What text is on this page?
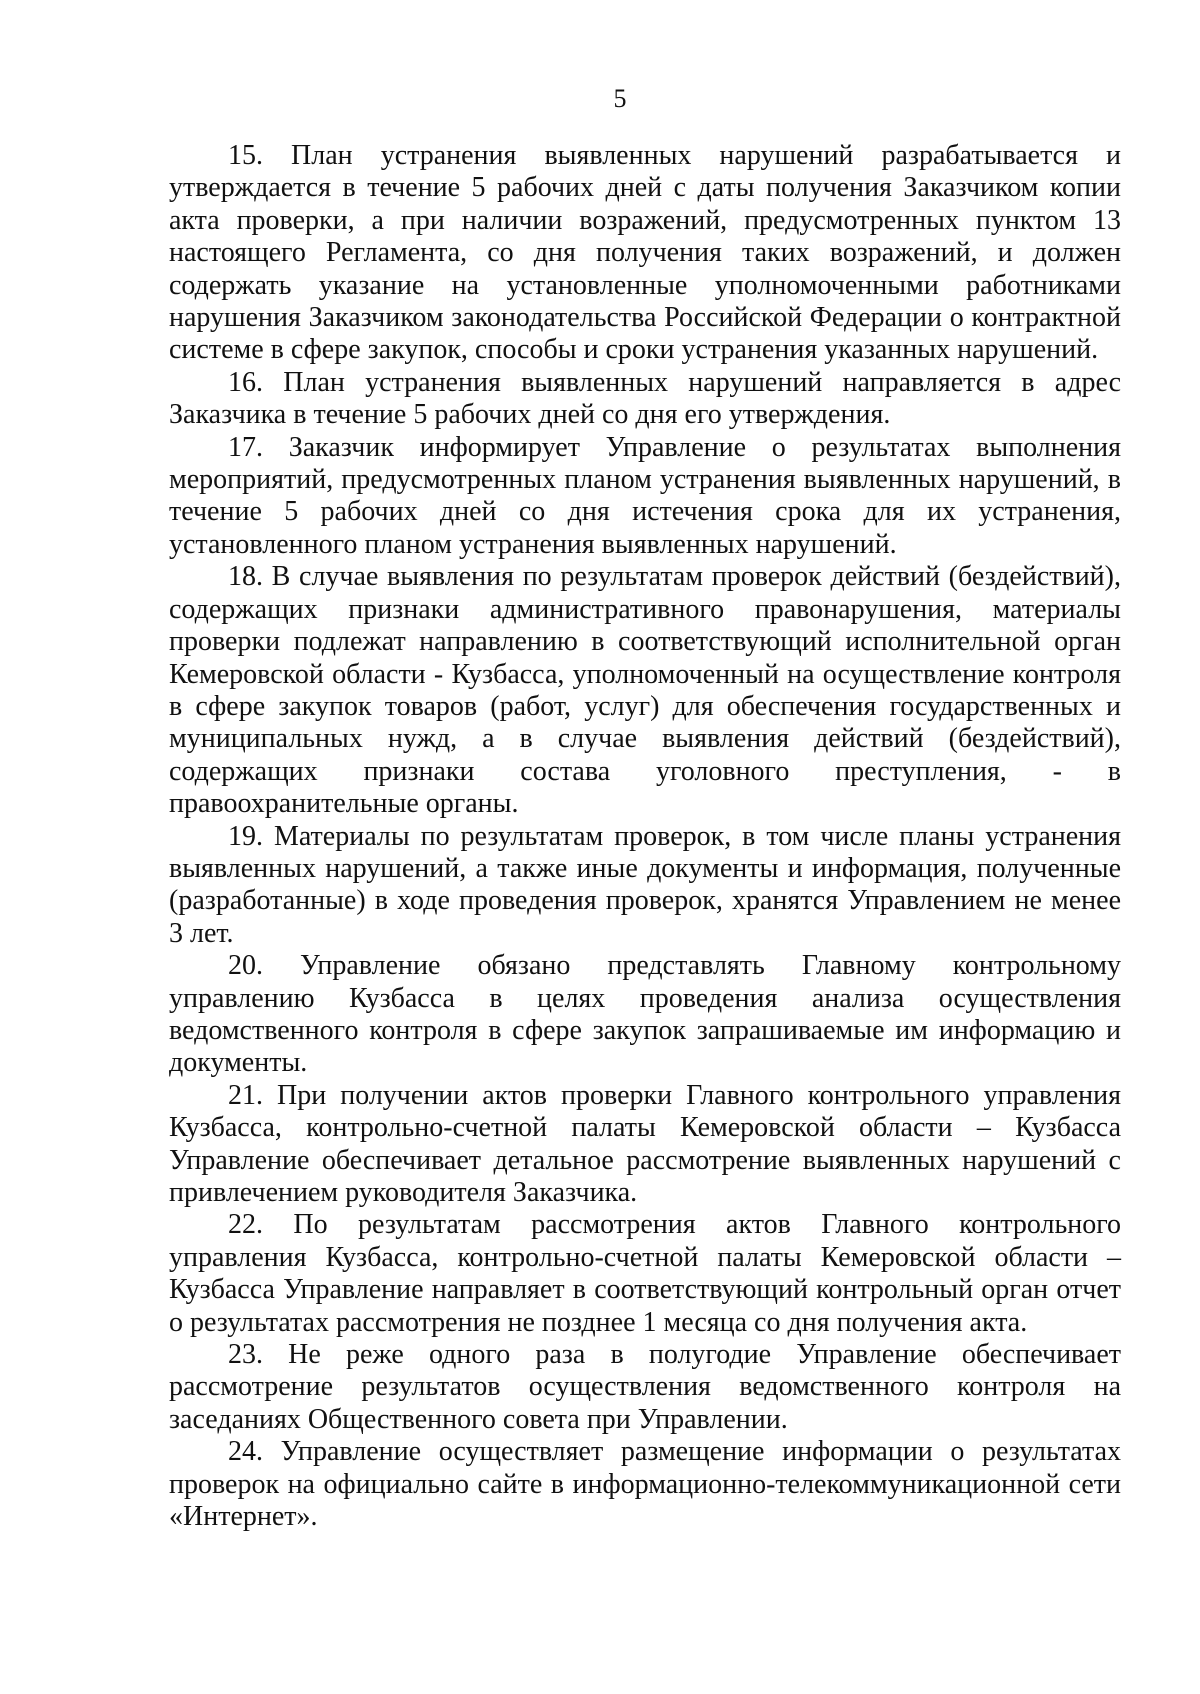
5

15. План устранения выявленных нарушений разрабатывается и утверждается в течение 5 рабочих дней с даты получения Заказчиком копии акта проверки, а при наличии возражений, предусмотренных пунктом 13 настоящего Регламента, со дня получения таких возражений, и должен содержать указание на установленные уполномоченными работниками нарушения Заказчиком законодательства Российской Федерации о контрактной системе в сфере закупок, способы и сроки устранения указанных нарушений.

16. План устранения выявленных нарушений направляется в адрес Заказчика в течение 5 рабочих дней со дня его утверждения.

17. Заказчик информирует Управление о результатах выполнения мероприятий, предусмотренных планом устранения выявленных нарушений, в течение 5 рабочих дней со дня истечения срока для их устранения, установленного планом устранения выявленных нарушений.

18. В случае выявления по результатам проверок действий (бездействий), содержащих признаки административного правонарушения, материалы проверки подлежат направлению в соответствующий исполнительной орган Кемеровской области - Кузбасса, уполномоченный на осуществление контроля в сфере закупок товаров (работ, услуг) для обеспечения государственных и муниципальных нужд, а в случае выявления действий (бездействий), содержащих признаки состава уголовного преступления, - в правоохранительные органы.

19. Материалы по результатам проверок, в том числе планы устранения выявленных нарушений, а также иные документы и информация, полученные (разработанные) в ходе проведения проверок, хранятся Управлением не менее 3 лет.

20. Управление обязано представлять Главному контрольному управлению Кузбасса в целях проведения анализа осуществления ведомственного контроля в сфере закупок запрашиваемые им информацию и документы.

21. При получении актов проверки Главного контрольного управления Кузбасса, контрольно-счетной палаты Кемеровской области – Кузбасса Управление обеспечивает детальное рассмотрение выявленных нарушений с привлечением руководителя Заказчика.

22. По результатам рассмотрения актов Главного контрольного управления Кузбасса, контрольно-счетной палаты Кемеровской области – Кузбасса Управление направляет в соответствующий контрольный орган отчет о результатах рассмотрения не позднее 1 месяца со дня получения акта.

23. Не реже одного раза в полугодие Управление обеспечивает рассмотрение результатов осуществления ведомственного контроля на заседаниях Общественного совета при Управлении.

24. Управление осуществляет размещение информации о результатах проверок на официально сайте в информационно-телекоммуникационной сети «Интернет».
